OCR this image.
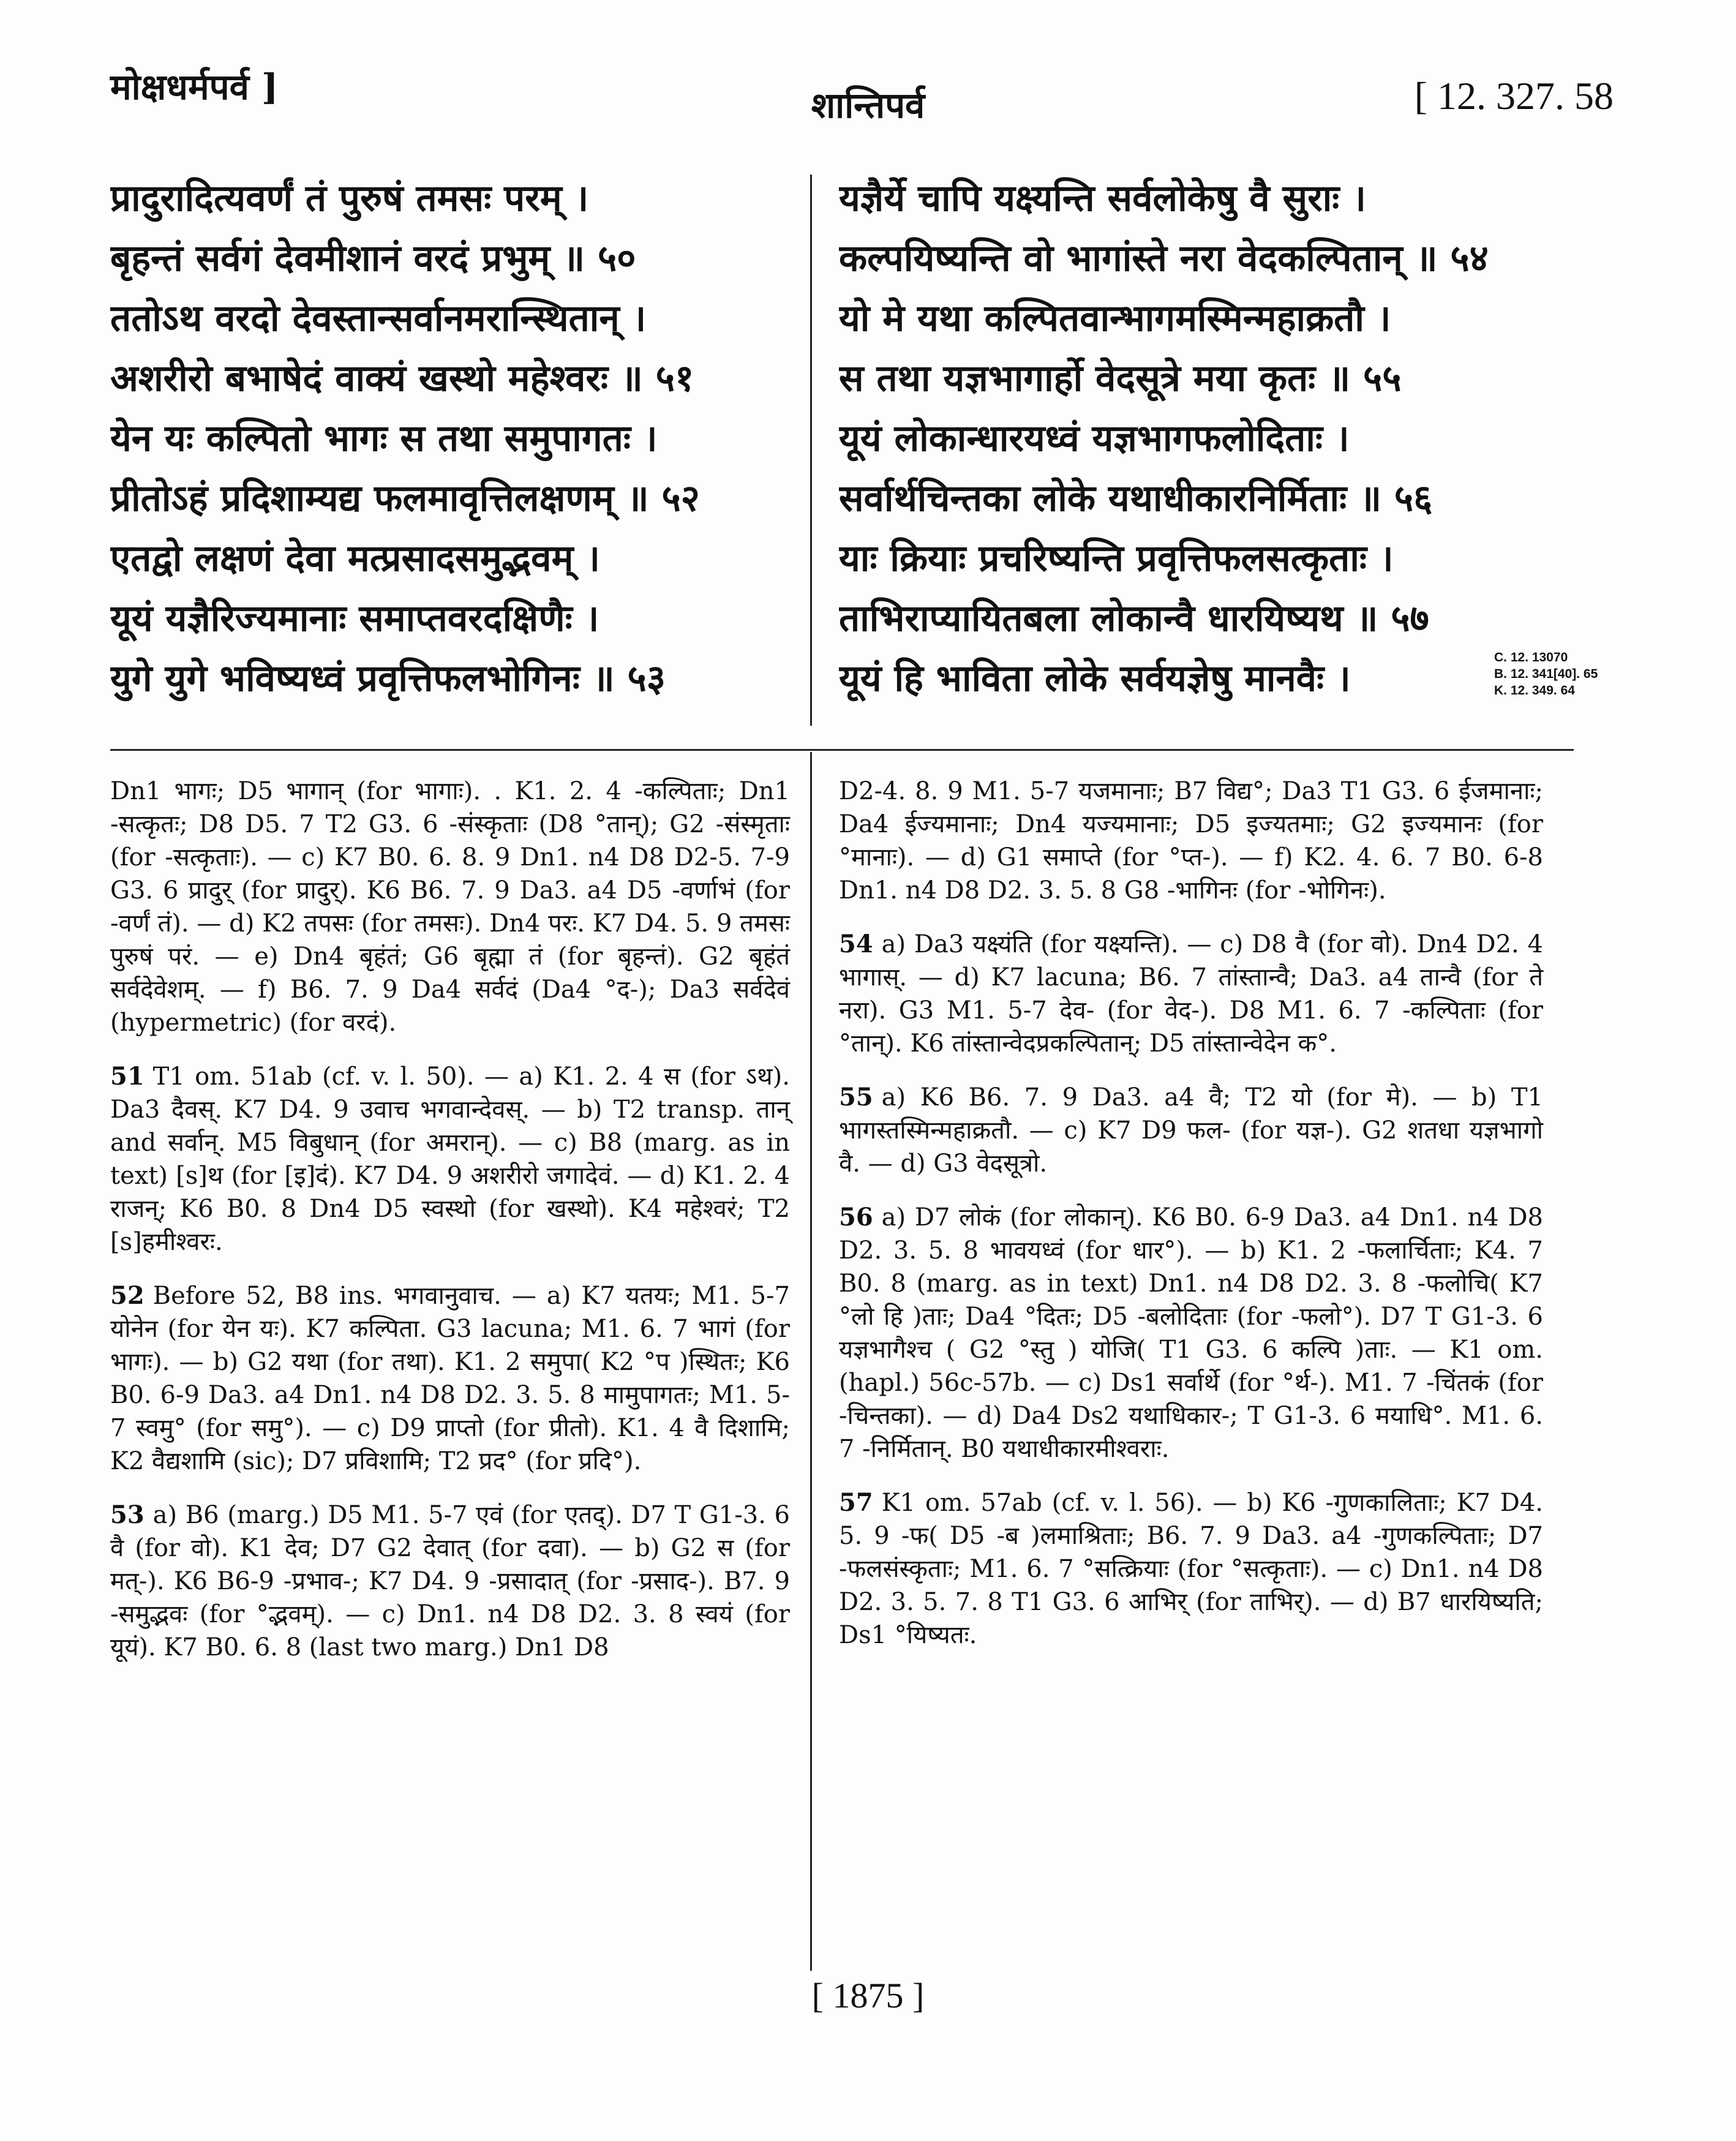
मोक्षधर्मपर्व ]	शान्तिपर्व	[ 12. 327. 58
प्रादुरादित्यवर्णं तं पुरुषं तमसः परम् ।
बृहन्तं सर्वगं देवमीशानं वरदं प्रभुम् ॥ ५०
ततोऽथ वरदो देवस्तान्सर्वानमरान्स्थितान् ।
अशरीरो बभाषेदं वाक्यं खस्थो महेश्वरः ॥ ५१
येन यः कल्पितो भागः स तथा समुपागतः ।
प्रीतोऽहं प्रदिशाम्यद्य फलमावृत्तिलक्षणम् ॥ ५२
एतद्वो लक्षणं देवा मत्प्रसादसमुद्भवम् ।
यूयं यज्ञैरिज्यमानाः समाप्तवरदक्षिणैः ।
युगे युगे भविष्यध्वं प्रवृत्तिफलभोगिनः ॥ ५३
यज्ञैर्ये चापि यक्ष्यन्ति सर्वलोकेषु वै सुराः ।
कल्पयिष्यन्ति वो भागांस्ते नरा वेदकल्पितान् ॥ ५४
यो मे यथा कल्पितवान्भागमस्मिन्महाक्रतौ ।
स तथा यज्ञभागार्हो वेदसूत्रे मया कृतः ॥ ५५
यूयं लोकान्धारयध्वं यज्ञभागफलोदिताः ।
सर्वार्थचिन्तका लोके यथाधीकारनिर्मिताः ॥ ५६
याः क्रियाः प्रचरिष्यन्ति प्रवृत्तिफलसत्कृताः ।
ताभिराप्यायितबला लोकान्वै धारयिष्यथ ॥ ५७
यूयं हि भाविता लोके सर्वयज्ञेषु मानवैः ।	C. 12. 13070
B. 12. 341[40]. 65
K. 12. 349. 64
Dn1 भागः; D5 भागान् (for भागाः). . K1. 2. 4 -कल्पिताः; Dn1 -सत्कृतः; D8 D5. 7 T2 G3. 6 -संस्कृताः (D8 °तान्); G2 -संस्मृताः (for -सत्कृताः). — c) K7 B0. 6. 8. 9 Dn1. n4 D8 D2-5. 7-9 G3. 6 प्रादुर् (for प्रादुर्). K6 B6. 7. 9 Da3. a4 D5 -वर्णाभं (for -वर्णं तं). — d) K2 तपसः (for तमसः). Dn4 परः. K7 D4. 5. 9 तमसः पुरुषं परं. — e) Dn4 बृहंतं; G6 बृह्मा तं (for बृहन्तं). G2 बृहंतं सर्वदेवेशम्. — f) B6. 7. 9 Da4 सर्वदं (Da4 °द-); Da3 सर्वदेवं (hypermetric) (for वरदं).
51 T1 om. 51ab (cf. v. l. 50). — a) K1. 2. 4 स (for ऽथ). Da3 दैवस्. K7 D4. 9 उवाच भगवान्देवस्. — b) T2 transp. तान् and सर्वान्. M5 विबुधान् (for अमरान्). — c) B8 (marg. as in text) [s]थ (for [इ]दं). K7 D4. 9 अशरीरो जगादेवं. — d) K1. 2. 4 राजन्; K6 B0. 8 Dn4 D5 स्वस्थो (for खस्थो). K4 महेश्वरं; T2 [s]हमीश्वरः.
52 Before 52, B8 ins. भगवानुवाच. — a) K7 यतयः; M1. 5-7 योनेन (for येन यः). K7 कल्पिता. G3 lacuna; M1. 6. 7 भागं (for भागः). — b) G2 यथा (for तथा). K1. 2 समुपा( K2 °प )स्थितः; K6 B0. 6-9 Da3. a4 Dn1. n4 D8 D2. 3. 5. 8 मामुपागतः; M1. 5-7 स्वमु° (for समु°). — c) D9 प्राप्तो (for प्रीतो). K1. 4 वै दिशामि; K2 वैद्यशामि (sic); D7 प्रविशामि; T2 प्रद° (for प्रदि°).
53 a) B6 (marg.) D5 M1. 5-7 एवं (for एतद्). D7 T G1-3. 6 वै (for वो). K1 देव; D7 G2 देवात् (for दवा). — b) G2 स (for मत्-). K6 B6-9 -प्रभाव-; K7 D4. 9 -प्रसादात् (for -प्रसाद-). B7. 9 -समुद्भवः (for °द्भवम्). — c) Dn1. n4 D8 D2. 3. 8 स्वयं (for यूयं). K7 B0. 6. 8 (last two marg.) Dn1 D8
D2-4. 8. 9 M1. 5-7 यजमानाः; B7 विद्य°; Da3 T1 G3. 6 ईजमानाः; Da4 ईज्यमानाः; Dn4 यज्यमानाः; D5 इज्यतमाः; G2 इज्यमानः (for °मानाः). — d) G1 समाप्ते (for °प्त-). — f) K2. 4. 6. 7 B0. 6-8 Dn1. n4 D8 D2. 3. 5. 8 G8 -भागिनः (for -भोगिनः).
54 a) Da3 यक्ष्यंति (for यक्ष्यन्ति). — c) D8 वै (for वो). Dn4 D2. 4 भागास्. — d) K7 lacuna; B6. 7 तांस्तान्वै; Da3. a4 तान्वै (for ते नरा). G3 M1. 5-7 देव- (for वेद-). D8 M1. 6. 7 -कल्पिताः (for °तान्). K6 तांस्तान्वेदप्रकल्पितान्; D5 तांस्तान्वेदेन क°.
55 a) K6 B6. 7. 9 Da3. a4 वै; T2 यो (for मे). — b) T1 भागस्तस्मिन्महाक्रतौ. — c) K7 D9 फल- (for यज्ञ-). G2 शतधा यज्ञभागो वै. — d) G3 वेदसूत्रो.
56 a) D7 लोकं (for लोकान्). K6 B0. 6-9 Da3. a4 Dn1. n4 D8 D2. 3. 5. 8 भावयध्वं (for धार°). — b) K1. 2 -फलार्चिताः; K4. 7 B0. 8 (marg. as in text) Dn1. n4 D8 D2. 3. 8 -फलोचि( K7 °लो हि )ताः; Da4 °दितः; D5 -बलोदिताः (for -फलो°). D7 T G1-3. 6 यज्ञभागैश्च ( G2 °स्तु ) योजि( T1 G3. 6 कल्पि )ताः. — K1 om. (hapl.) 56c-57b. — c) Ds1 सर्वार्थे (for °र्थ-). M1. 7 -चिंतकं (for -चिन्तका). — d) Da4 Ds2 यथाधिकार-; T G1-3. 6 मयाधि°. M1. 6. 7 -निर्मितान्. B0 यथाधीकारमीश्वराः.
57 K1 om. 57ab (cf. v. l. 56). — b) K6 -गुणकालिताः; K7 D4. 5. 9 -फ( D5 -ब )लमाश्रिताः; B6. 7. 9 Da3. a4 -गुणकल्पिताः; D7 -फलसंस्कृताः; M1. 6. 7 °सत्क्रियाः (for °सत्कृताः). — c) Dn1. n4 D8 D2. 3. 5. 7. 8 T1 G3. 6 आभिर् (for ताभिर्). — d) B7 धारयिष्यति; Ds1 °यिष्यतः.
[ 1875 ]
